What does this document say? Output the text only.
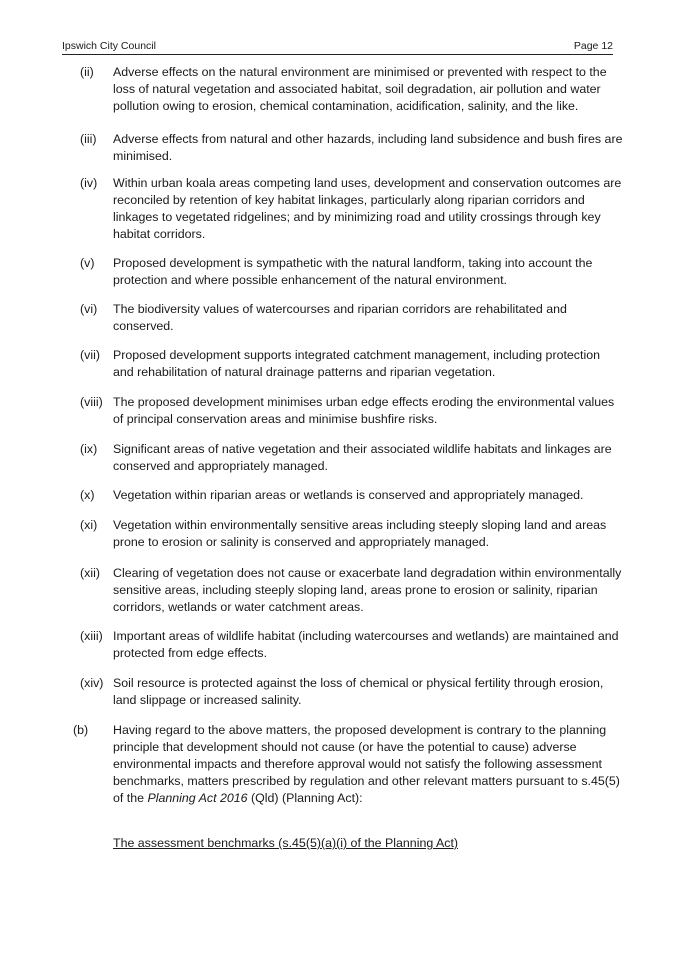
Ipswich City Council	Page 12
(ii) Adverse effects on the natural environment are minimised or prevented with respect to the
loss of natural vegetation and associated habitat, soil degradation, air pollution and water
pollution owing to erosion, chemical contamination, acidification, salinity, and the like.
(iii) Adverse effects from natural and other hazards, including land subsidence and bush fires are
minimised.
(iv) Within urban koala areas competing land uses, development and conservation outcomes are
reconciled by retention of key habitat linkages, particularly along riparian corridors and
linkages to vegetated ridgelines; and by minimizing road and utility crossings through key
habitat corridors.
(v) Proposed development is sympathetic with the natural landform, taking into account the
protection and where possible enhancement of the natural environment.
(vi) The biodiversity values of watercourses and riparian corridors are rehabilitated and
conserved.
(vii) Proposed development supports integrated catchment management, including protection
and rehabilitation of natural drainage patterns and riparian vegetation.
(viii) The proposed development minimises urban edge effects eroding the environmental values
of principal conservation areas and minimise bushfire risks.
(ix) Significant areas of native vegetation and their associated wildlife habitats and linkages are
conserved and appropriately managed.
(x) Vegetation within riparian areas or wetlands is conserved and appropriately managed.
(xi) Vegetation within environmentally sensitive areas including steeply sloping land and areas
prone to erosion or salinity is conserved and appropriately managed.
(xii) Clearing of vegetation does not cause or exacerbate land degradation within environmentally
sensitive areas, including steeply sloping land, areas prone to erosion or salinity, riparian
corridors, wetlands or water catchment areas.
(xiii) Important areas of wildlife habitat (including watercourses and wetlands) are maintained and
protected from edge effects.
(xiv) Soil resource is protected against the loss of chemical or physical fertility through erosion,
land slippage or increased salinity.
(b) Having regard to the above matters, the proposed development is contrary to the planning
principle that development should not cause (or have the potential to cause) adverse
environmental impacts and therefore approval would not satisfy the following assessment
benchmarks, matters prescribed by regulation and other relevant matters pursuant to s.45(5)
of the Planning Act 2016 (Qld) (Planning Act):
The assessment benchmarks (s.45(5)(a)(i) of the Planning Act)
